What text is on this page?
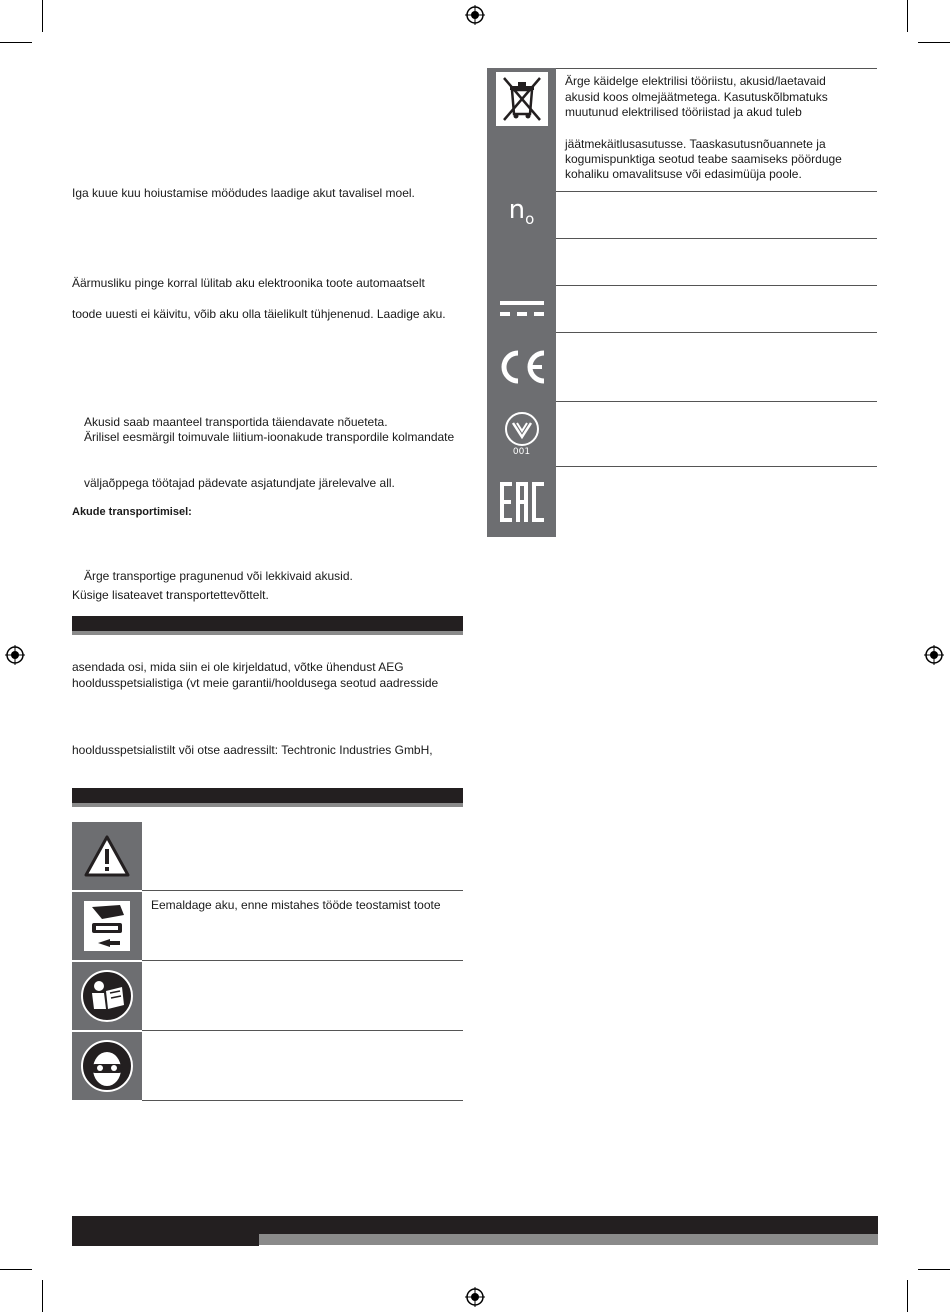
Iga kuue kuu hoiustamise möödudes laadige akut tavalisel moel.
Äärmusliku pinge korral lülitab aku elektroonika toote automaatselt
toode uuesti ei käivitu, võib aku olla täielikult tühjenenud. Laadige aku.
Akusid saab maanteel transportida täiendavate nõueteta.
Ärilisel eesmärgil toimuvale liitium-ioonakude transpordile kolmandate
väljaõppega töötajad pädevate asjatundjate järelevalve all.
Akude transportimisel:
Ärge transportige pragunenud või lekkivaid akusid.
Küsige lisateavet transportettevõttelt.
asendada osi, mida siin ei ole kirjeldatud, võtke ühendust AEG
hooldusspetsialistiga (vt meie garantii/hooldusega seotud aadresside
hooldusspetsialistilt või otse aadressilt: Techtronic Industries GmbH,
Eemaldage aku, enne mistahes tööde teostamist toote
Ärge käidelge elektrilisi tööriistu, akusid/laetavaid
akusid koos olmejäätmetega. Kasutuskõlbmatuks
muutunud elektrilised tööriistad ja akud tuleb
jäätmekäitlusasutusse. Taaskasutusnõuannete ja
kogumispunktiga seotud teabe saamiseks pöörduge
kohaliku omavalitsuse või edasimüüja poole.
$n_o$
001
